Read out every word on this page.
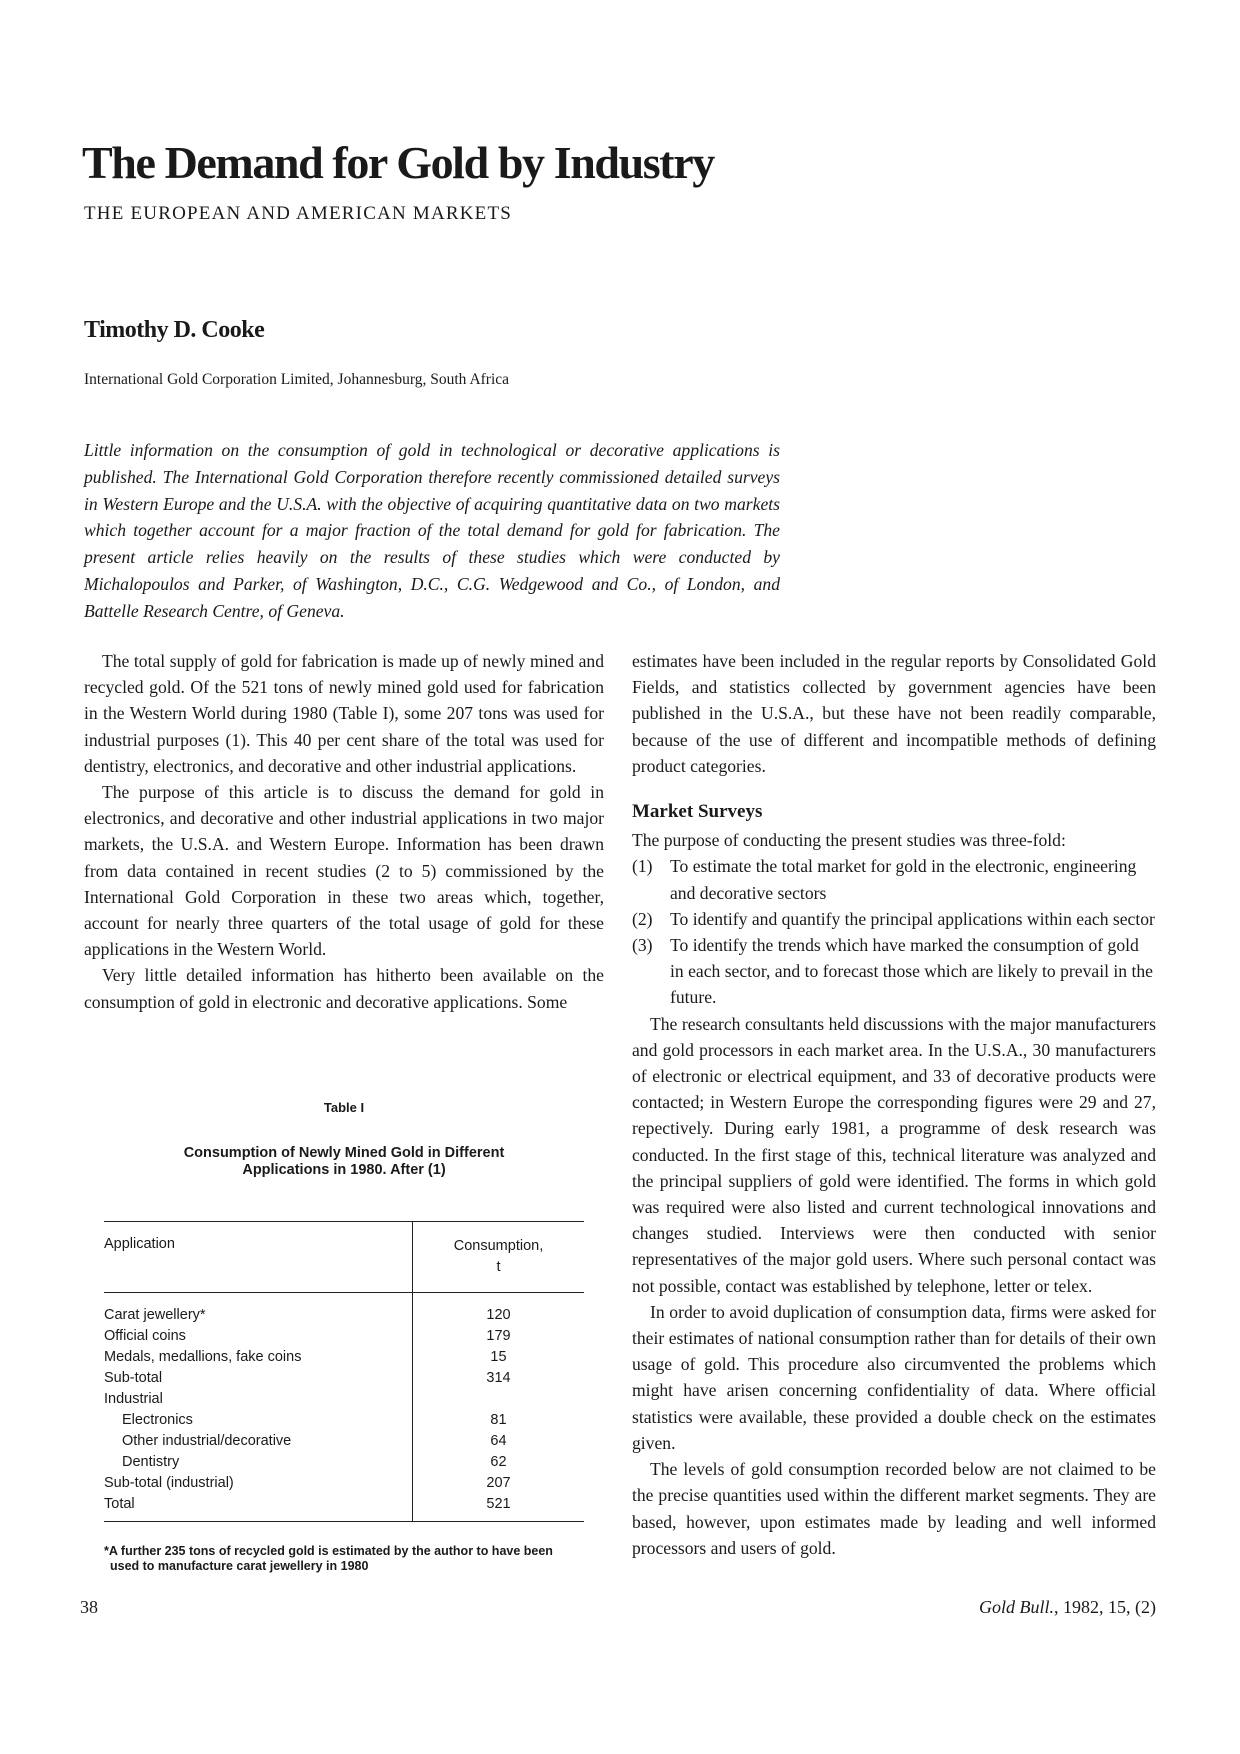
The Demand for Gold by Industry
THE EUROPEAN AND AMERICAN MARKETS
Timothy D. Cooke
International Gold Corporation Limited, Johannesburg, South Africa

Little information on the consumption of gold in technological or decorative applications is published. The International Gold Corporation therefore recently commissioned detailed surveys in Western Europe and the U.S.A. with the objective of acquiring quantitative data on two markets which together account for a major fraction of the total demand for gold for fabrication. The present article relies heavily on the results of these studies which were conducted by Michalopoulos and Parker, of Washington, D.C., C.G. Wedgewood and Co., of London, and Battelle Research Centre, of Geneva.

The total supply of gold for fabrication is made up of newly mined and recycled gold. Of the 521 tons of newly mined gold used for fabrication in the Western World during 1980 (Table I), some 207 tons was used for industrial purposes (1). This 40 per cent share of the total was used for dentistry, electronics, and decorative and other industrial applications.

The purpose of this article is to discuss the demand for gold in electronics, and decorative and other industrial applications in two major markets, the U.S.A. and Western Europe. Information has been drawn from data contained in recent studies (2 to 5) commissioned by the International Gold Corporation in these two areas which, together, account for nearly three quarters of the total usage of gold for these applications in the Western World.

Very little detailed information has hitherto been available on the consumption of gold in electronic and decorative applications. Some

Table I
Consumption of Newly Mined Gold in Different
Applications in 1980. After (1)
Application	Consumption,
t
Carat jewellery*
Official coins
Medals, medallions, fake coins
Sub-total
Industrial
Electronics
Other industrial/decorative
Dentistry
Sub-total (industrial)
Total
120
179
15
314
81
64
62
207
521
*A further 235 tons of recycled gold is estimated by the author to have been used to manufacture carat jewellery in 1980

estimates have been included in the regular reports by Consolidated Gold Fields, and statistics collected by government agencies have been published in the U.S.A., but these have not been readily comparable, because of the use of different and incompatible methods of defining product categories.

Market Surveys

The purpose of conducting the present studies was three-fold:

(1) To estimate the total market for gold in the electronic, engineering and decorative sectors
(2) To identify and quantify the principal applications within each sector
(3) To identify the trends which have marked the consumption of gold in each sector, and to forecast those which are likely to prevail in the future.

The research consultants held discussions with the major manufacturers and gold processors in each market area. In the U.S.A., 30 manufacturers of electronic or electrical equipment, and 33 of decorative products were contacted; in Western Europe the corresponding figures were 29 and 27, repectively. During early 1981, a programme of desk research was conducted. In the first stage of this, technical literature was analyzed and the principal suppliers of gold were identified. The forms in which gold was required were also listed and current technological innovations and changes studied. Interviews were then conducted with senior representatives of the major gold users. Where such personal contact was not possible, contact was established by telephone, letter or telex.

In order to avoid duplication of consumption data, firms were asked for their estimates of national consumption rather than for details of their own usage of gold. This procedure also circumvented the problems which might have arisen concerning confidentiality of data. Where official statistics were available, these provided a double check on the estimates given.

The levels of gold consumption recorded below are not claimed to be the precise quantities used within the different market segments. They are based, however, upon estimates made by leading and well informed processors and users of gold.

38	Gold Bull., 1982, 15, (2)
